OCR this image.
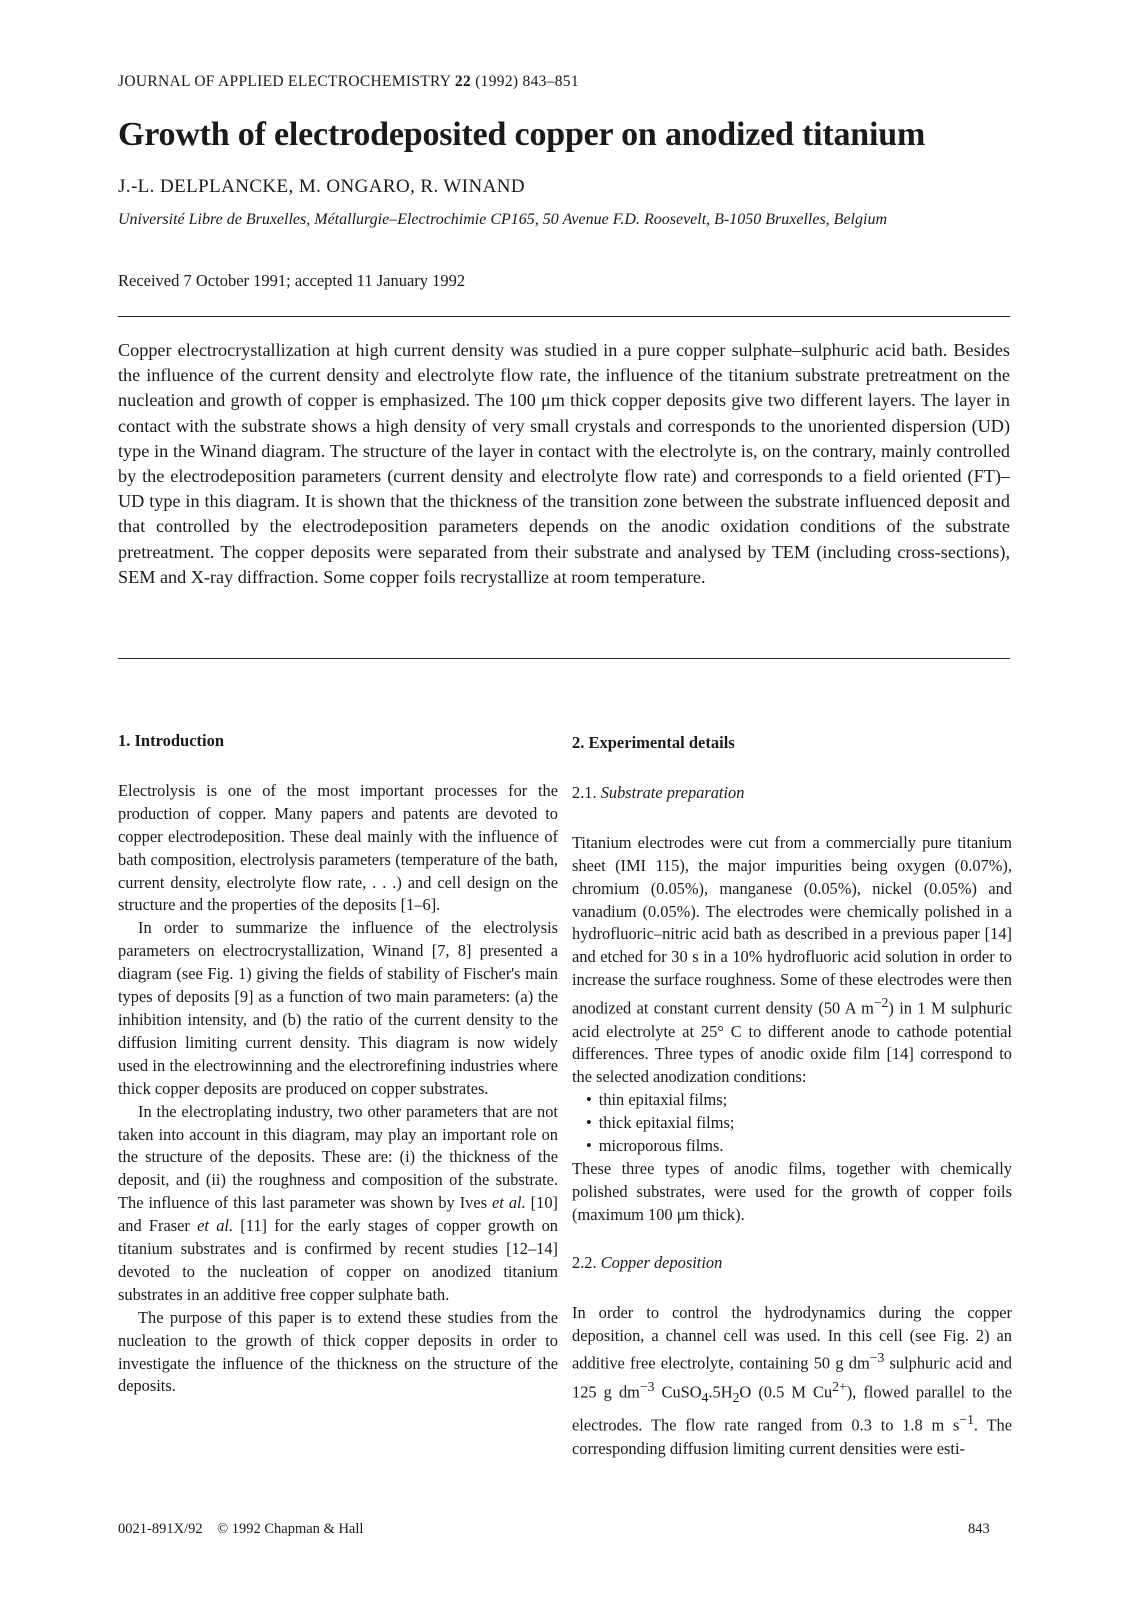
JOURNAL OF APPLIED ELECTROCHEMISTRY 22 (1992) 843–851
Growth of electrodeposited copper on anodized titanium
J.-L. DELPLANCKE, M. ONGARO, R. WINAND
Université Libre de Bruxelles, Métallurgie–Electrochimie CP165, 50 Avenue F.D. Roosevelt, B-1050 Bruxelles, Belgium
Received 7 October 1991; accepted 11 January 1992

Copper electrocrystallization at high current density was studied in a pure copper sulphate–sulphuric acid bath. Besides the influence of the current density and electrolyte flow rate, the influence of the titanium substrate pretreatment on the nucleation and growth of copper is emphasized. The 100 μm thick copper deposits give two different layers. The layer in contact with the substrate shows a high density of very small crystals and corresponds to the unoriented dispersion (UD) type in the Winand diagram. The structure of the layer in contact with the electrolyte is, on the contrary, mainly controlled by the electrodeposition parameters (current density and electrolyte flow rate) and corresponds to a field oriented (FT)–UD type in this diagram. It is shown that the thickness of the transition zone between the substrate influenced deposit and that controlled by the electrodeposition parameters depends on the anodic oxidation conditions of the substrate pretreatment. The copper deposits were separated from their substrate and analysed by TEM (including cross-sections), SEM and X-ray diffraction. Some copper foils recrystallize at room temperature.

1. Introduction

Electrolysis is one of the most important processes for the production of copper. Many papers and patents are devoted to copper electrodeposition. These deal mainly with the influence of bath composition, electrolysis parameters (temperature of the bath, current density, electrolyte flow rate, . . .) and cell design on the structure and the properties of the deposits [1–6].

In order to summarize the influence of the electrolysis parameters on electrocrystallization, Winand [7, 8] presented a diagram (see Fig. 1) giving the fields of stability of Fischer's main types of deposits [9] as a function of two main parameters: (a) the inhibition intensity, and (b) the ratio of the current density to the diffusion limiting current density. This diagram is now widely used in the electrowinning and the electrorefining industries where thick copper deposits are produced on copper substrates.

In the electroplating industry, two other parameters that are not taken into account in this diagram, may play an important role on the structure of the deposits. These are: (i) the thickness of the deposit, and (ii) the roughness and composition of the substrate. The influence of this last parameter was shown by Ives et al. [10] and Fraser et al. [11] for the early stages of copper growth on titanium substrates and is confirmed by recent studies [12–14] devoted to the nucleation of copper on anodized titanium substrates in an additive free copper sulphate bath.

The purpose of this paper is to extend these studies from the nucleation to the growth of thick copper deposits in order to investigate the influence of the thickness on the structure of the deposits.

2. Experimental details
2.1. Substrate preparation

Titanium electrodes were cut from a commercially pure titanium sheet (IMI 115), the major impurities being oxygen (0.07%), chromium (0.05%), manganese (0.05%), nickel (0.05%) and vanadium (0.05%). The electrodes were chemically polished in a hydrofluoric–nitric acid bath as described in a previous paper [14] and etched for 30 s in a 10% hydrofluoric acid solution in order to increase the surface roughness. Some of these electrodes were then anodized at constant current density (50 A $m^{-2}$) in 1 M sulphuric acid electrolyte at 25° C to different anode to cathode potential differences. Three types of anodic oxide film [14] correspond to the selected anodization conditions:

• thin epitaxial films;
• thick epitaxial films;
• microporous films.

These three types of anodic films, together with chemically polished substrates, were used for the growth of copper foils (maximum 100 μm thick).

2.2. Copper deposition

In order to control the hydrodynamics during the copper deposition, a channel cell was used. In this cell (see Fig. 2) an additive free electrolyte, containing 50 g $dm^{-3}$ sulphuric acid and 125 g $dm^{-3}$ $CuSO_4.5H_2O$ (0.5 M $Cu^{2+}$), flowed parallel to the electrodes. The flow rate ranged from 0.3 to 1.8 m $s^{-1}$. The corresponding diffusion limiting current densities were esti-

0021-891X/92 © 1992 Chapman & Hall	843
